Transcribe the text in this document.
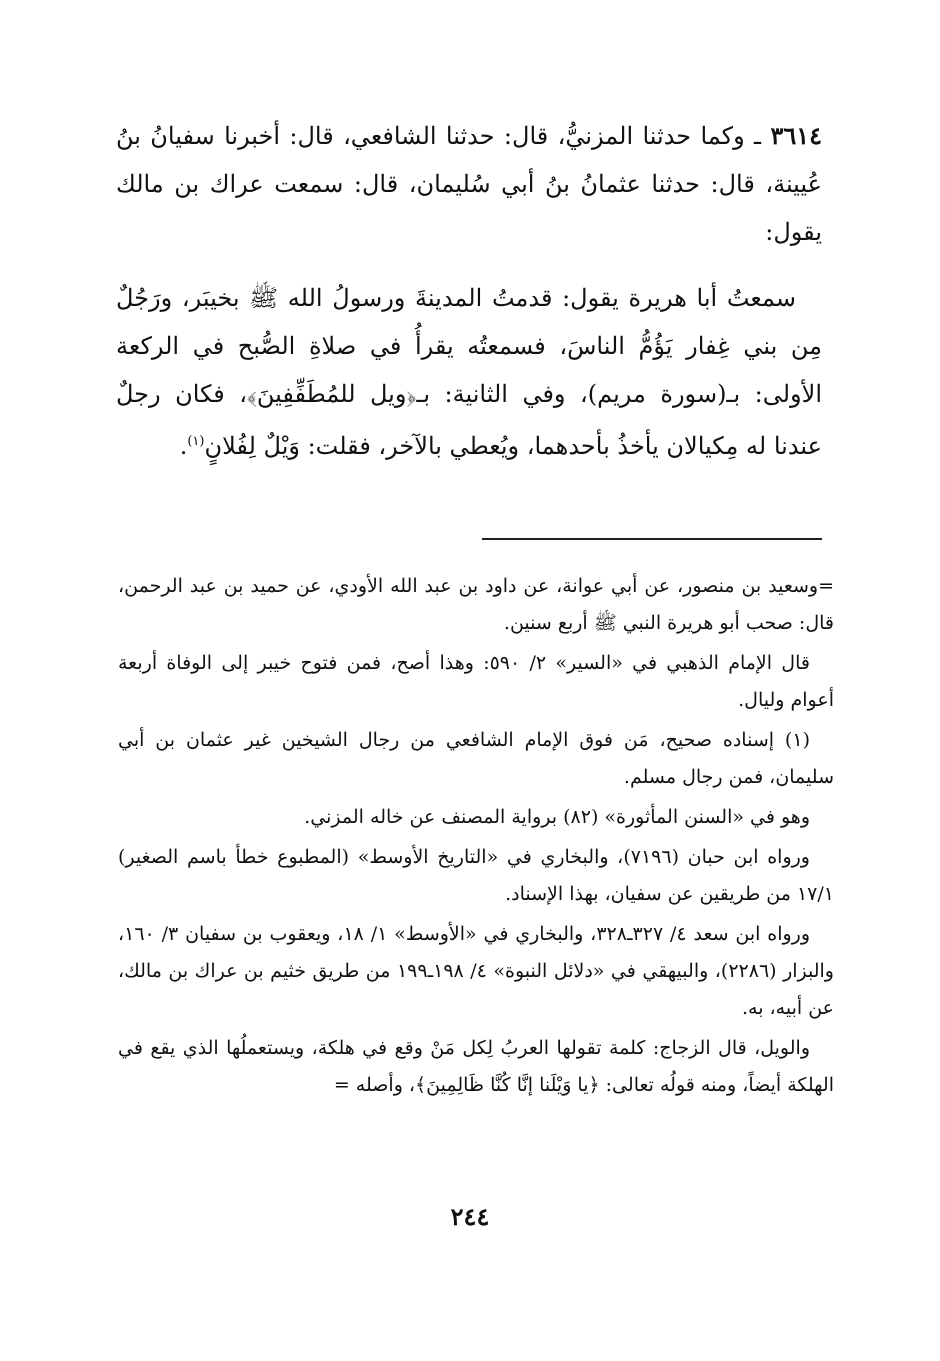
٣٦١٤ ـ وكما حدثنا المزنيُّ، قال: حدثنا الشافعي، قال: أخبرنا سفيانُ بنُ عُيينة، قال: حدثنا عثمانُ بنُ أبي سُليمان، قال: سمعت عراك بن مالك يقول:

سمعتُ أبا هريرة يقول: قدمتُ المدينةَ ورسولُ الله ﷺ بخيبَر، ورَجُلٌ مِن بني غِفار يَؤُمُّ الناسَ، فسمعتُه يقرأُ في صلاةِ الصُّبح في الركعة الأولى: بـ(سورة مريم)، وفي الثانية: بـ﴿ويل للمُطَفِّفِينَ﴾، فكان رجلٌ عندنا له مِكيالان يأخذُ بأحدهما، ويُعطي بالآخر، فقلت: وَيْلٌ لِفُلانٍ$^{(١)}$.

=وسعيد بن منصور، عن أبي عوانة، عن داود بن عبد الله الأودي، عن حميد بن عبد الرحمن، قال: صحب أبو هريرة النبي ﷺ أربع سنين.

قال الإمام الذهبي في «السير» ٢/ ٥٩٠: وهذا أصح، فمن فتوح خيبر إلى الوفاة أربعة أعوام وليال.

(١) إسناده صحيح، مَن فوق الإمام الشافعي من رجال الشيخين غير عثمان بن أبي سليمان، فمن رجال مسلم.

وهو في «السنن المأثورة» (٨٢) برواية المصنف عن خاله المزني.

ورواه ابن حبان (٧١٩٦)، والبخاري في «التاريخ الأوسط» (المطبوع خطأ باسم الصغير) ١٧/١ من طريقين عن سفيان، بهذا الإسناد.

ورواه ابن سعد ٤/ ٣٢٧ـ٣٢٨، والبخاري في «الأوسط» ١/ ١٨، ويعقوب بن سفيان ٣/ ١٦٠، والبزار (٢٢٨٦)، والبيهقي في «دلائل النبوة» ٤/ ١٩٨ـ١٩٩ من طريق خثيم بن عراك بن مالك، عن أبيه، به.

والويل، قال الزجاج: كلمة تقولها العربُ لِكل مَنْ وقع في هلكة، ويستعملُها الذي يقع في الهلكة أيضاً، ومنه قولُه تعالى: ﴿يا وَيْلَنا إنَّا كُنَّا ظَالِمِينَ﴾، وأصله =

٢٤٤
